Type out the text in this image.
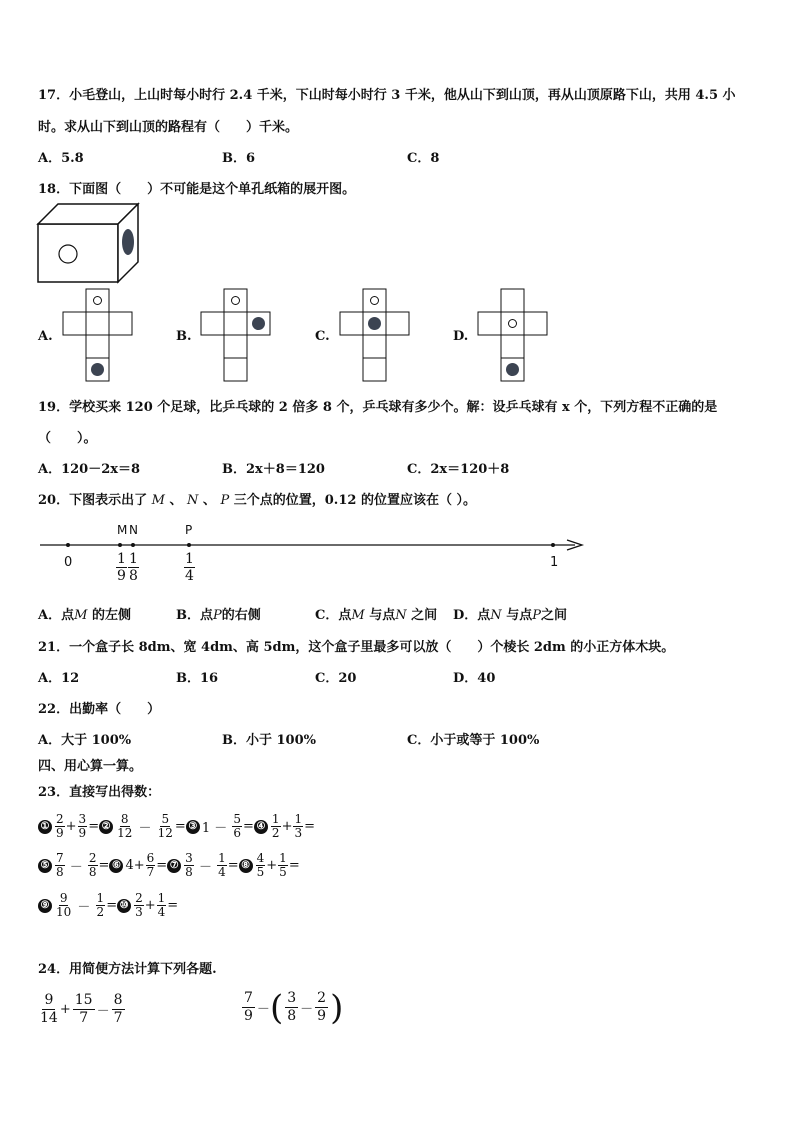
17．小毛登山，上山时每小时行 2.4 千米，下山时每小时行 3 千米，他从山下到山顶，再从山顶原路下山，共用 4.5 小
时。求从山下到山顶的路程有（　　）千米。
A．5.8	B．6	C．8
18．下面图（　　）不可能是这个单孔纸箱的展开图。
A.	B.	C.	D.
19．学校买来 120 个足球，比乒乓球的 2 倍多 8 个，乒乓球有多少个。解：设乒乓球有 x 个，下列方程不正确的是
（　　）。
A．120－2x＝8	B．2x＋8＝120	C．2x＝120＋8
20．下图表示出了 M 、 N 、 P 三个点的位置，0.12 的位置应该在（ ）。
M N	P
0	1
$\frac{1}{9} \frac{1}{8}$	$\frac{1}{4}$
A．点M 的左侧	B．点P的右侧	C．点M 与点N 之间 D．点N 与点P之间
21．一个盒子长 8dm、宽 4dm、高 5dm，这个盒子里最多可以放（　　）个棱长 2dm 的小正方体木块。
A．12	B．16	C．20	D．40
22．出勤率（　　）
A．大于 100%	B．小于 100%	C．小于或等于 100%
四、用心算一算。
23．直接写出得数：
① $\frac{2}{9} + \frac{3}{9}$ = ② $\frac{8}{12} - \frac{5}{12}$ = ③ $1 - \frac{5}{6}$ = ④ $\frac{1}{2} + \frac{1}{3}$ =
⑤ $\frac{7}{8} - \frac{2}{8}$ = ⑥ $4+ \frac{6}{7}$ = ⑦ $\frac{3}{8} - \frac{1}{4}$ = ⑧ $\frac{4}{5} + \frac{1}{5}$ =
⑨ $\frac{9}{10} - \frac{1}{2}$ = ⑩ $\frac{2}{3} + \frac{1}{4}$ =
24．用简便方法计算下列各题.
9
14
+
15
7 －
8
7
7
9 － ( 3
8 －
2
9 )
